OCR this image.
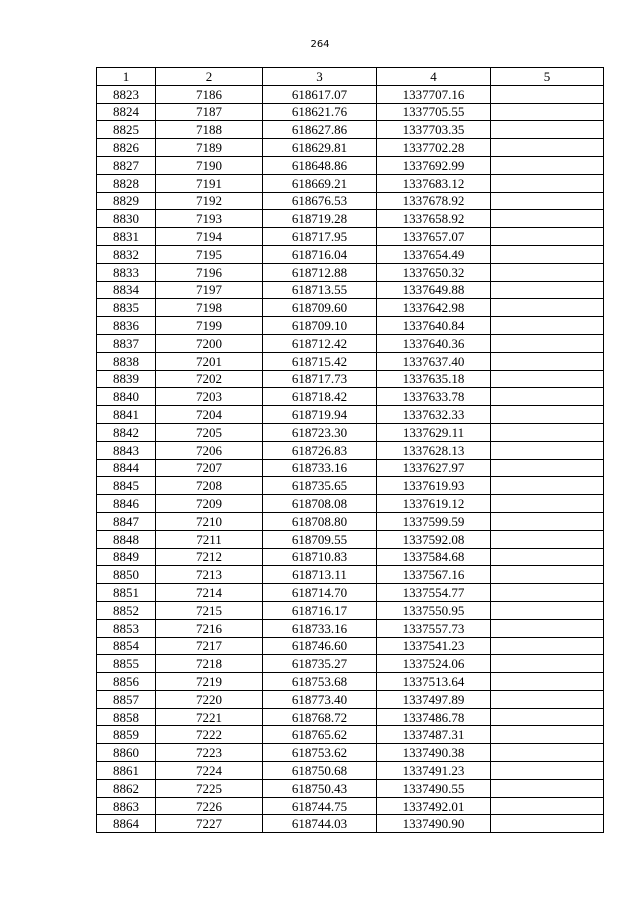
264
1	2	3	4	5
8823	7186	618617.07	1337707.16	
8824	7187	618621.76	1337705.55	
8825	7188	618627.86	1337703.35	
8826	7189	618629.81	1337702.28	
8827	7190	618648.86	1337692.99	
8828	7191	618669.21	1337683.12	
8829	7192	618676.53	1337678.92	
8830	7193	618719.28	1337658.92	
8831	7194	618717.95	1337657.07	
8832	7195	618716.04	1337654.49	
8833	7196	618712.88	1337650.32	
8834	7197	618713.55	1337649.88	
8835	7198	618709.60	1337642.98	
8836	7199	618709.10	1337640.84	
8837	7200	618712.42	1337640.36	
8838	7201	618715.42	1337637.40	
8839	7202	618717.73	1337635.18	
8840	7203	618718.42	1337633.78	
8841	7204	618719.94	1337632.33	
8842	7205	618723.30	1337629.11	
8843	7206	618726.83	1337628.13	
8844	7207	618733.16	1337627.97	
8845	7208	618735.65	1337619.93	
8846	7209	618708.08	1337619.12	
8847	7210	618708.80	1337599.59	
8848	7211	618709.55	1337592.08	
8849	7212	618710.83	1337584.68	
8850	7213	618713.11	1337567.16	
8851	7214	618714.70	1337554.77	
8852	7215	618716.17	1337550.95	
8853	7216	618733.16	1337557.73	
8854	7217	618746.60	1337541.23	
8855	7218	618735.27	1337524.06	
8856	7219	618753.68	1337513.64	
8857	7220	618773.40	1337497.89	
8858	7221	618768.72	1337486.78	
8859	7222	618765.62	1337487.31	
8860	7223	618753.62	1337490.38	
8861	7224	618750.68	1337491.23	
8862	7225	618750.43	1337490.55	
8863	7226	618744.75	1337492.01	
8864	7227	618744.03	1337490.90	
